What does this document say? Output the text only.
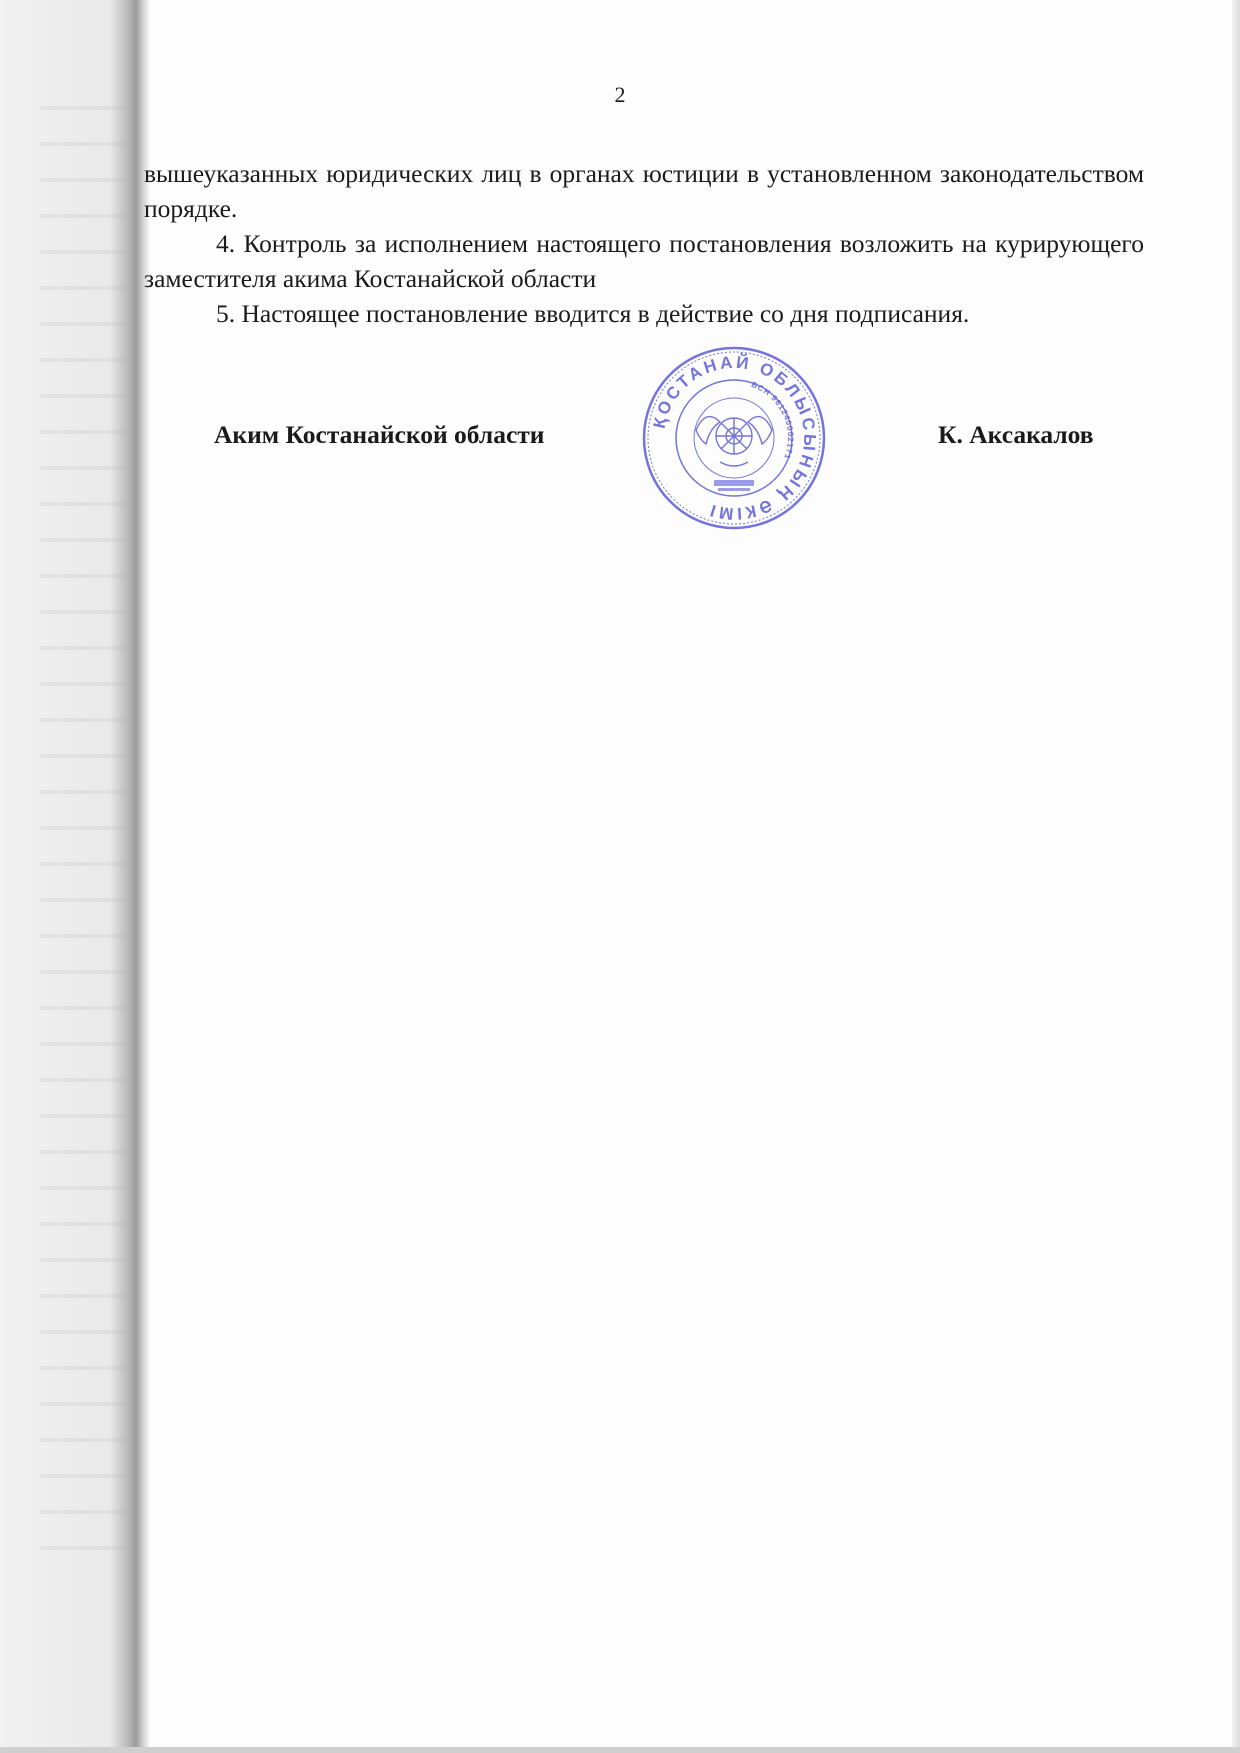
2

вышеуказанных юридических лиц в органах юстиции в установленном законодательством порядке.

4. Контроль за исполнением настоящего постановления возложить на курирующего заместителя акима Костанайской области

5. Настоящее постановление вводится в действие со дня подписания.

Аким Костанайской области	К. Аксакалов
ҚОСТАНАЙ ОБЛЫСЫНЫҢ ӘКІМІ
БСН 961240002171
